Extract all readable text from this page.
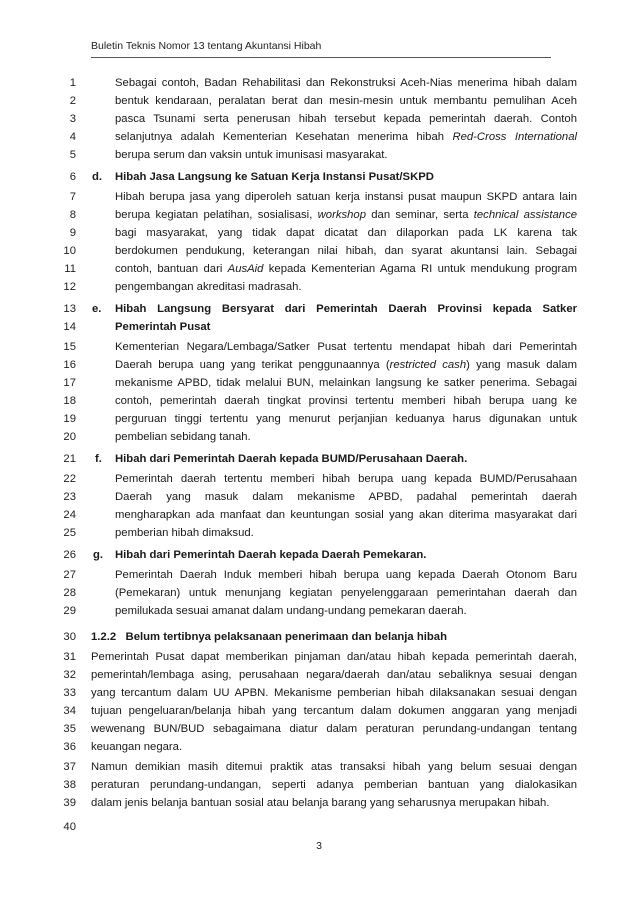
Buletin Teknis Nomor 13 tentang Akuntansi Hibah
1
2
3
4
5
6
7
8
9
10
11
12
13
14
15
16
17
18
19
20
21
22
23
24
25
26
27
28
29
30
31
32
33
34
35
36
37
38
39
40
Sebagai contoh, Badan Rehabilitasi dan Rekonstruksi Aceh-Nias menerima hibah dalam
bentuk kendaraan, peralatan berat dan mesin-mesin untuk membantu pemulihan Aceh
pasca Tsunami serta penerusan hibah tersebut kepada pemerintah daerah. Contoh
selanjutnya adalah Kementerian Kesehatan menerima hibah Red-Cross International
berupa serum dan vaksin untuk imunisasi masyarakat.
d. Hibah Jasa Langsung ke Satuan Kerja Instansi Pusat/SKPD
Hibah berupa jasa yang diperoleh satuan kerja instansi pusat maupun SKPD antara lain
berupa kegiatan pelatihan, sosialisasi, workshop dan seminar, serta technical assistance
bagi masyarakat, yang tidak dapat dicatat dan dilaporkan pada LK karena tak
berdokumen pendukung, keterangan nilai hibah, dan syarat akuntansi lain. Sebagai
contoh, bantuan dari AusAid kepada Kementerian Agama RI untuk mendukung program
pengembangan akreditasi madrasah.
e. Hibah Langsung Bersyarat dari Pemerintah Daerah Provinsi kepada Satker
Pemerintah Pusat
Kementerian Negara/Lembaga/Satker Pusat tertentu mendapat hibah dari Pemerintah
Daerah berupa uang yang terikat penggunaannya (restricted cash) yang masuk dalam
mekanisme APBD, tidak melalui BUN, melainkan langsung ke satker penerima. Sebagai
contoh, pemerintah daerah tingkat provinsi tertentu memberi hibah berupa uang ke
perguruan tinggi tertentu yang menurut perjanjian keduanya harus digunakan untuk
pembelian sebidang tanah.
f. Hibah dari Pemerintah Daerah kepada BUMD/Perusahaan Daerah.
Pemerintah daerah tertentu memberi hibah berupa uang kepada BUMD/Perusahaan
Daerah yang masuk dalam mekanisme APBD, padahal pemerintah daerah
mengharapkan ada manfaat dan keuntungan sosial yang akan diterima masyarakat dari
pemberian hibah dimaksud.
g. Hibah dari Pemerintah Daerah kepada Daerah Pemekaran.
Pemerintah Daerah Induk memberi hibah berupa uang kepada Daerah Otonom Baru
(Pemekaran) untuk menunjang kegiatan penyelenggaraan pemerintahan daerah dan
pemilukada sesuai amanat dalam undang-undang pemekaran daerah.
1.2.2   Belum tertibnya pelaksanaan penerimaan dan belanja hibah
Pemerintah Pusat dapat memberikan pinjaman dan/atau hibah kepada pemerintah daerah,
pemerintah/lembaga asing, perusahaan negara/daerah dan/atau sebaliknya sesuai dengan
yang tercantum dalam UU APBN. Mekanisme pemberian hibah dilaksanakan sesuai dengan
tujuan pengeluaran/belanja hibah yang tercantum dalam dokumen anggaran yang menjadi
wewenang BUN/BUD sebagaimana diatur dalam peraturan perundang-undangan tentang
keuangan negara.
Namun demikian masih ditemui praktik atas transaksi hibah yang belum sesuai dengan
peraturan perundang-undangan, seperti adanya pemberian bantuan yang dialokasikan
dalam jenis belanja bantuan sosial atau belanja barang yang seharusnya merupakan hibah.
3
